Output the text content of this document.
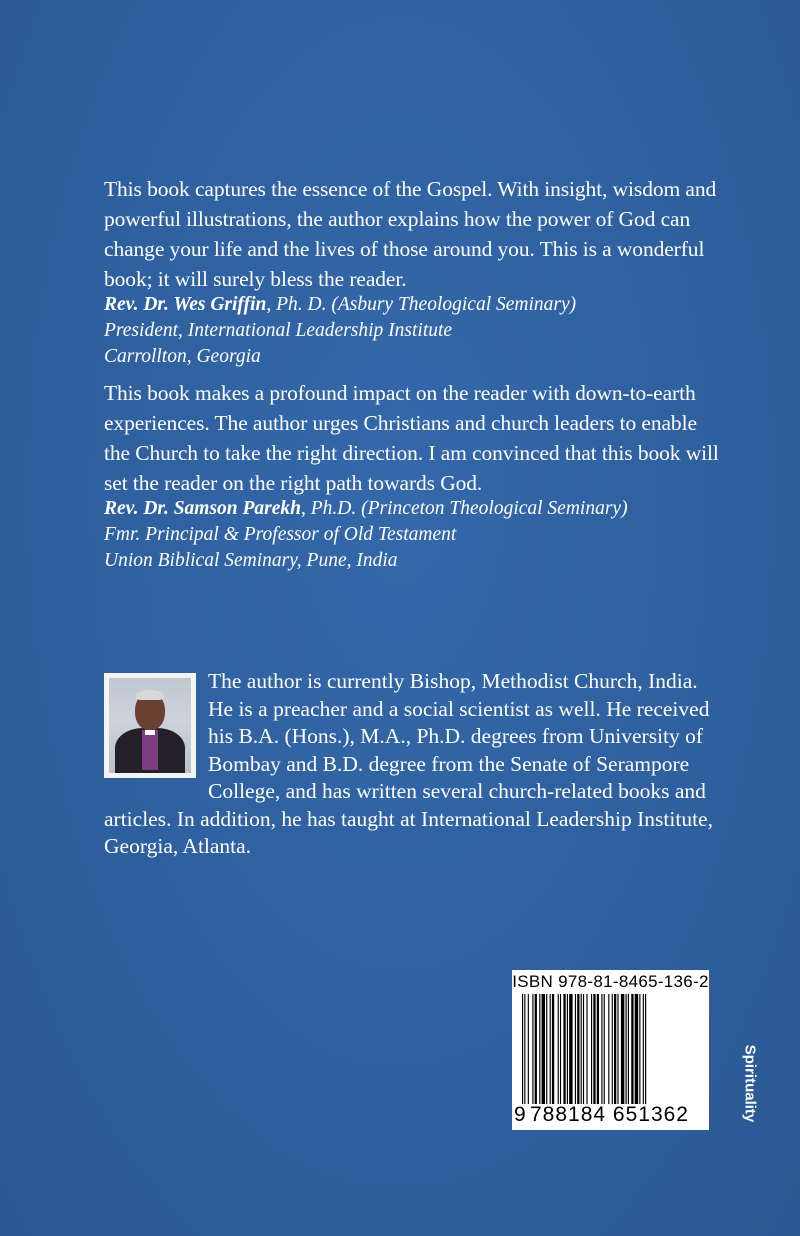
This book captures the essence of the Gospel. With insight, wisdom and
powerful illustrations, the author explains how the power of God can
change your life and the lives of those around you. This is a wonderful
book; it will surely bless the reader.

Rev. Dr. Wes Griffin, Ph. D. (Asbury Theological Seminary)
President, International Leadership Institute
Carrollton, Georgia

This book makes a profound impact on the reader with down-to-earth
experiences. The author urges Christians and church leaders to enable
the Church to take the right direction. I am convinced that this book will
set the reader on the right path towards God.

Rev. Dr. Samson Parekh, Ph.D. (Princeton Theological Seminary)
Fmr. Principal & Professor of Old Testament
Union Biblical Seminary, Pune, India

The author is currently Bishop, Methodist Church, India.
He is a preacher and a social scientist as well. He received
his B.A. (Hons.), M.A., Ph.D. degrees from University of
Bombay and B.D. degree from the Senate of Serampore
College, and has written several church-related books and
articles. In addition, he has taught at International Leadership Institute,
Georgia, Atlanta.

ISBN 978-81-8465-136-2
9 788184 651362	Spirituality
